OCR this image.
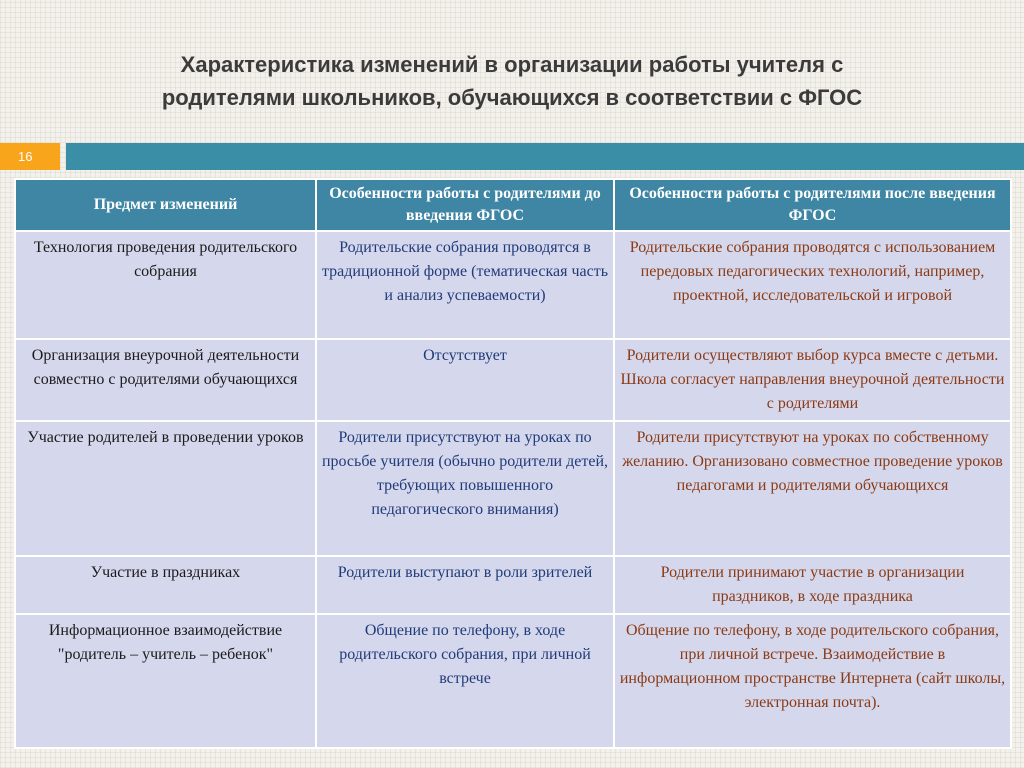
Характеристика изменений в организации работы учителя с
родителями школьников, обучающихся в соответствии с ФГОС
16
Предмет изменений	Особенности работы с родителями до введения ФГОС	Особенности работы с родителями после введения ФГОС
Технология проведения родительского собрания	Родительские собрания проводятся в традиционной форме (тематическая часть и анализ успеваемости)	Родительские собрания проводятся с использованием передовых педагогических технологий, например, проектной, исследовательской и игровой
Организация внеурочной деятельности совместно с родителями обучающихся	Отсутствует	Родители осуществляют выбор курса вместе с детьми. Школа согласует направления внеурочной деятельности с родителями
Участие родителей в проведении уроков	Родители присутствуют на уроках по просьбе учителя (обычно родители детей, требующих повышенного педагогического внимания)	Родители присутствуют на уроках по собственному желанию. Организовано совместное проведение уроков педагогами и родителями обучающихся
Участие в праздниках	Родители выступают в роли зрителей	Родители принимают участие в организации праздников, в ходе праздника
Информационное взаимодействие "родитель – учитель – ребенок"	Общение по телефону, в ходе родительского собрания, при личной встрече	Общение по телефону, в ходе родительского собрания, при личной встрече. Взаимодействие в информационном пространстве Интернета (сайт школы, электронная почта).
